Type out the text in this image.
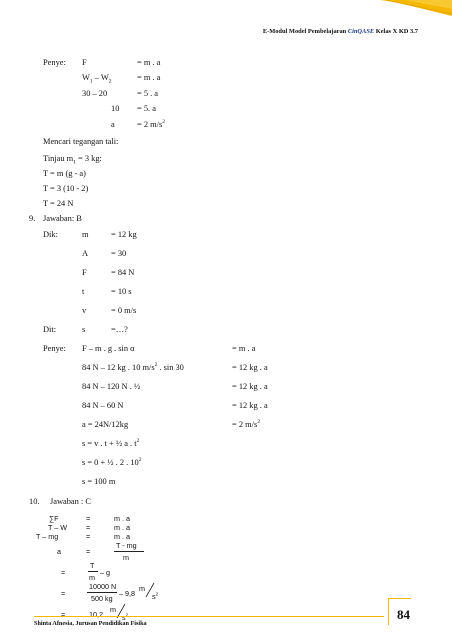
E-Modul Model Pembelajaran CinQASE Kelas X KD 3.7
Penye: F	= m . a
$W_1 - W_2$	= m . a
30 – 20	= 5 . a
10 = 5. a
a	= 2 $m/s^2$
Mencari tegangan tali:
Tinjau $m_1 = 3$ kg:
T = m (g - a)
T = 3 (10 - 2)
T = 24 N
9. Jawaban: B
Dik:	m	= 12 kg
A	= 30
F	= 84 N
t	= 10 s
v	= 0 m/s
Dit:	s	=…?
Penye: F – m . g . sin α	= m . a
84 N – 12 kg . 10 $m/s^2$ . sin 30	= 12 kg . a
84 N – 120 N . ½	= 12 kg . a
84 N – 60 N	= 12 kg . a
a = 24N/12kg	= 2 $m/s^2$
s = v . t + ½ a . $t^2$
s = 0 + ½ . 2 . $10^2$
s = 100 m
10. Jawaban : C
∑F	=	m . a
T – W	=	m . a
T – mg	=	m . a
a	=
T - mg
m
=
T
m
– g
=
10000 N
500 kg
– 9,8
m
$s^2$
=	10,2
m
$s^2$
Shinta Afnesia, Jurusan Pendidikan Fisika
84
